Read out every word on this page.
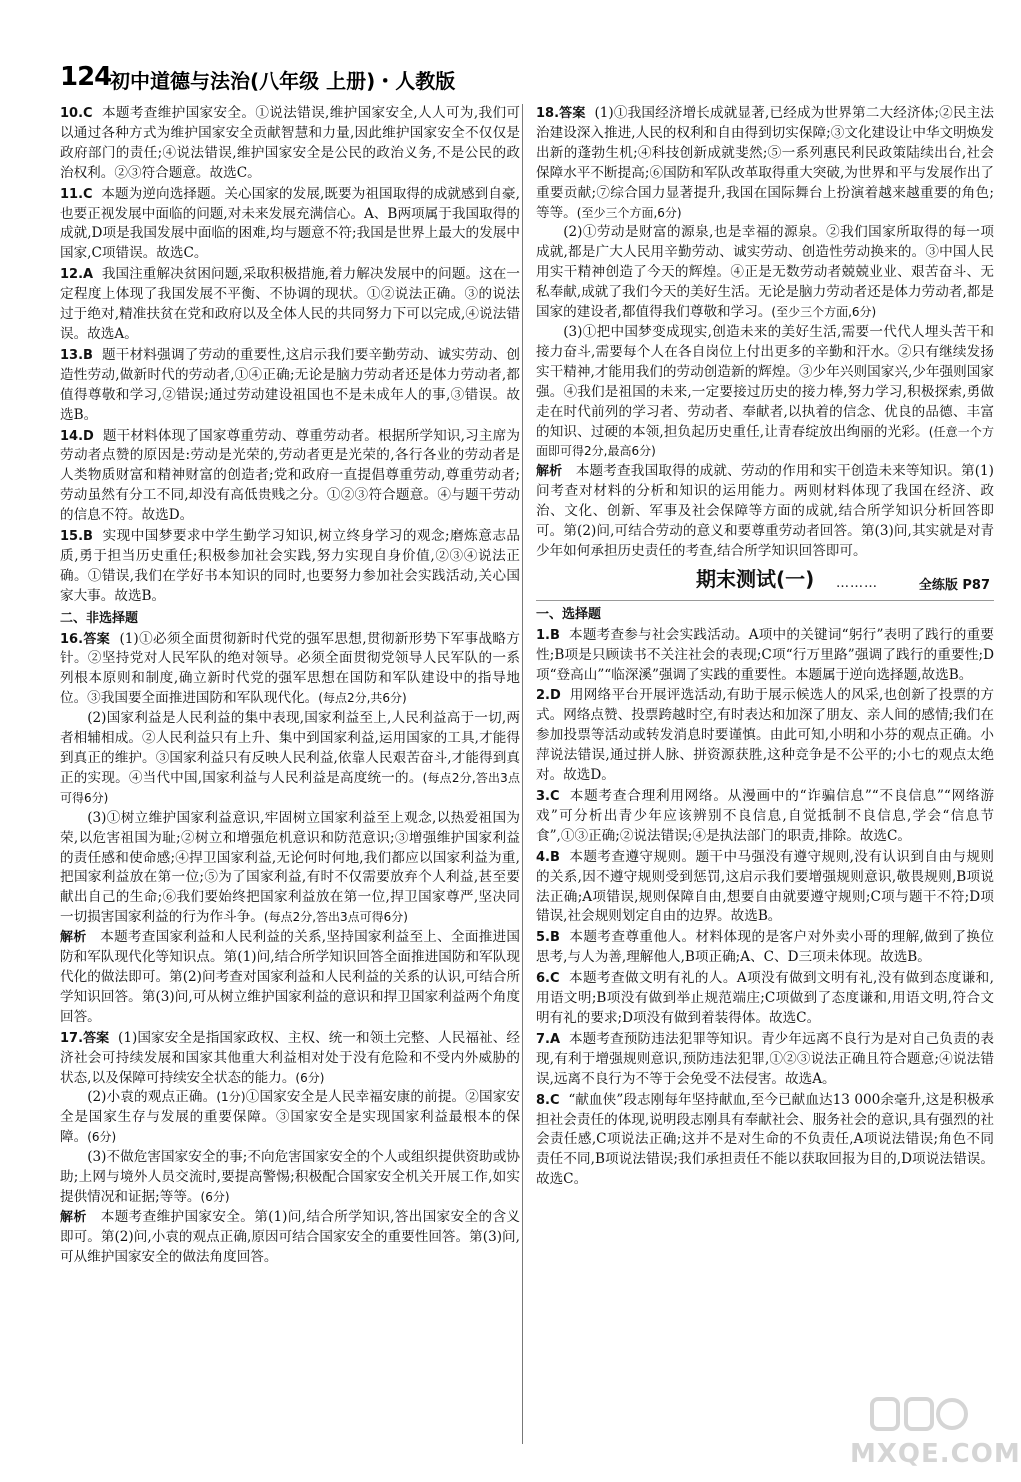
124
初中道德与法治(八年级 上册)・人教版
10.C 本题考查维护国家安全。①说法错误,维护国家安全,人人可为,我们可以通过各种方式为维护国家安全贡献智慧和力量,因此维护国家安全不仅仅是政府部门的责任;④说法错误,维护国家安全是公民的政治义务,不是公民的政治权利。②③符合题意。故选C。
11.C 本题为逆向选择题。关心国家的发展,既要为祖国取得的成就感到自豪,也要正视发展中面临的问题,对未来发展充满信心。A、B两项属于我国取得的成就,D项是我国发展中面临的困难,均与题意不符;我国是世界上最大的发展中国家,C项错误。故选C。
12.A 我国注重解决贫困问题,采取积极措施,着力解决发展中的问题。这在一定程度上体现了我国发展不平衡、不协调的现状。①②说法正确。③的说法过于绝对,精准扶贫在党和政府以及全体人民的共同努力下可以完成,④说法错误。故选A。
13.B 题干材料强调了劳动的重要性,这启示我们要辛勤劳动、诚实劳动、创造性劳动,做新时代的劳动者,①④正确;无论是脑力劳动者还是体力劳动者,都值得尊敬和学习,②错误;通过劳动建设祖国也不是未成年人的事,③错误。故选B。
14.D 题干材料体现了国家尊重劳动、尊重劳动者。根据所学知识,习主席为劳动者点赞的原因是:劳动是光荣的,劳动者更是光荣的,各行各业的劳动者是人类物质财富和精神财富的创造者;党和政府一直提倡尊重劳动,尊重劳动者;劳动虽然有分工不同,却没有高低贵贱之分。①②③符合题意。④与题干劳动的信息不符。故选D。
15.B 实现中国梦要求中学生勤学习知识,树立终身学习的观念;磨炼意志品质,勇于担当历史重任;积极参加社会实践,努力实现自身价值,②③④说法正确。①错误,我们在学好书本知识的同时,也要努力参加社会实践活动,关心国家大事。故选B。
二、非选择题

16.答案 (1)①必须全面贯彻新时代党的强军思想,贯彻新形势下军事战略方针。②坚持党对人民军队的绝对领导。必须全面贯彻党领导人民军队的一系列根本原则和制度,确立新时代党的强军思想在国防和军队建设中的指导地位。③我国要全面推进国防和军队现代化。(每点2分,共6分)

(2)国家利益是人民利益的集中表现,国家利益至上,人民利益高于一切,两者相辅相成。②人民利益只有上升、集中到国家利益,运用国家的工具,才能得到真正的维护。③国家利益只有反映人民利益,依靠人民艰苦奋斗,才能得到真正的实现。④当代中国,国家利益与人民利益是高度统一的。(每点2分,答出3点可得6分)

(3)①树立维护国家利益意识,牢固树立国家利益至上观念,以热爱祖国为荣,以危害祖国为耻;②树立和增强危机意识和防范意识;③增强维护国家利益的责任感和使命感;④捍卫国家利益,无论何时何地,我们都应以国家利益为重,把国家利益放在第一位;⑤为了国家利益,有时不仅需要放弃个人利益,甚至要献出自己的生命;⑥我们要始终把国家利益放在第一位,捍卫国家尊严,坚决同一切损害国家利益的行为作斗争。(每点2分,答出3点可得6分)

解析 本题考查国家利益和人民利益的关系,坚持国家利益至上、全面推进国防和军队现代化等知识点。第(1)问,结合所学知识回答全面推进国防和军队现代化的做法即可。第(2)问考查对国家利益和人民利益的关系的认识,可结合所学知识回答。第(3)问,可从树立维护国家利益的意识和捍卫国家利益两个角度回答。

17.答案 (1)国家安全是指国家政权、主权、统一和领土完整、人民福祉、经济社会可持续发展和国家其他重大利益相对处于没有危险和不受内外威胁的状态,以及保障可持续安全状态的能力。(6分)

(2)小袁的观点正确。(1分)①国家安全是人民幸福安康的前提。②国家安全是国家生存与发展的重要保障。③国家安全是实现国家利益最根本的保障。(6分)

(3)不做危害国家安全的事;不向危害国家安全的个人或组织提供资助或协助;上网与境外人员交流时,要提高警惕;积极配合国家安全机关开展工作,如实提供情况和证据;等等。(6分)

解析 本题考查维护国家安全。第(1)问,结合所学知识,答出国家安全的含义即可。第(2)问,小袁的观点正确,原因可结合国家安全的重要性回答。第(3)问,可从维护国家安全的做法角度回答。

18.答案 (1)①我国经济增长成就显著,已经成为世界第二大经济体;②民主法治建设深入推进,人民的权利和自由得到切实保障;③文化建设让中华文明焕发出新的蓬勃生机;④科技创新成就斐然;⑤一系列惠民利民政策陆续出台,社会保障水平不断提高;⑥国防和军队改革取得重大突破,为世界和平与发展作出了重要贡献;⑦综合国力显著提升,我国在国际舞台上扮演着越来越重要的角色;等等。(至少三个方面,6分)

(2)①劳动是财富的源泉,也是幸福的源泉。②我们国家所取得的每一项成就,都是广大人民用辛勤劳动、诚实劳动、创造性劳动换来的。③中国人民用实干精神创造了今天的辉煌。④正是无数劳动者兢兢业业、艰苦奋斗、无私奉献,成就了我们今天的美好生活。无论是脑力劳动者还是体力劳动者,都是国家的建设者,都值得我们尊敬和学习。(至少三个方面,6分)

(3)①把中国梦变成现实,创造未来的美好生活,需要一代代人埋头苦干和接力奋斗,需要每个人在各自岗位上付出更多的辛勤和汗水。②只有继续发扬实干精神,才能用我们的劳动创造新的辉煌。③少年兴则国家兴,少年强则国家强。④我们是祖国的未来,一定要接过历史的接力棒,努力学习,积极探索,勇做走在时代前列的学习者、劳动者、奉献者,以执着的信念、优良的品德、丰富的知识、过硬的本领,担负起历史重任,让青春绽放出绚丽的光彩。(任意一个方面即可得2分,最高6分)

解析 本题考查我国取得的成就、劳动的作用和实干创造未来等知识。第(1)问考查对材料的分析和知识的运用能力。两则材料体现了我国在经济、政治、文化、创新、军事及社会保障等方面的成就,结合所学知识分析回答即可。第(2)问,可结合劳动的意义和要尊重劳动者回答。第(3)问,其实就是对青少年如何承担历史责任的考查,结合所学知识回答即可。

期末测试(一) ………	全练版 P87
一、选择题
1.B 本题考查参与社会实践活动。A项中的关键词“躬行”表明了践行的重要性;B项是只顾读书不关注社会的表现;C项“行万里路”强调了践行的重要性;D项“登高山”“临深溪”强调了实践的重要性。本题属于逆向选择题,故选B。
2.D 用网络平台开展评选活动,有助于展示候选人的风采,也创新了投票的方式。网络点赞、投票跨越时空,有时表达和加深了朋友、亲人间的感情;我们在参加投票等活动或转发消息时要谨慎。由此可知,小明和小芬的观点正确。小萍说法错误,通过拼人脉、拼资源获胜,这种竞争是不公平的;小七的观点太绝对。故选D。
3.C 本题考查合理利用网络。从漫画中的“诈骗信息”“不良信息”“网络游戏”可分析出青少年应该辨别不良信息,自觉抵制不良信息,学会“信息节食”,①③正确;②说法错误;④是执法部门的职责,排除。故选C。
4.B 本题考查遵守规则。题干中马强没有遵守规则,没有认识到自由与规则的关系,因不遵守规则受到惩罚,这启示我们要增强规则意识,敬畏规则,B项说法正确;A项错误,规则保障自由,想要自由就要遵守规则;C项与题干不符;D项错误,社会规则划定自由的边界。故选B。
5.B 本题考查尊重他人。材料体现的是客户对外卖小哥的理解,做到了换位思考,与人为善,理解他人,B项正确;A、C、D三项未体现。故选B。
6.C 本题考查做文明有礼的人。A项没有做到文明有礼,没有做到态度谦和,用语文明;B项没有做到举止规范端庄;C项做到了态度谦和,用语文明,符合文明有礼的要求;D项没有做到着装得体。故选C。
7.A 本题考查预防违法犯罪等知识。青少年远离不良行为是对自己负责的表现,有利于增强规则意识,预防违法犯罪,①②③说法正确且符合题意;④说法错误,远离不良行为不等于会免受不法侵害。故选A。
8.C “献血侠”段志刚每年坚持献血,至今已献血达13 000余毫升,这是积极承担社会责任的体现,说明段志刚具有奉献社会、服务社会的意识,具有强烈的社会责任感,C项说法正确;这并不是对生命的不负责任,A项说法错误;角色不同责任不同,B项说法错误;我们承担责任不能以获取回报为目的,D项说法错误。故选C。
MXQE.COM
